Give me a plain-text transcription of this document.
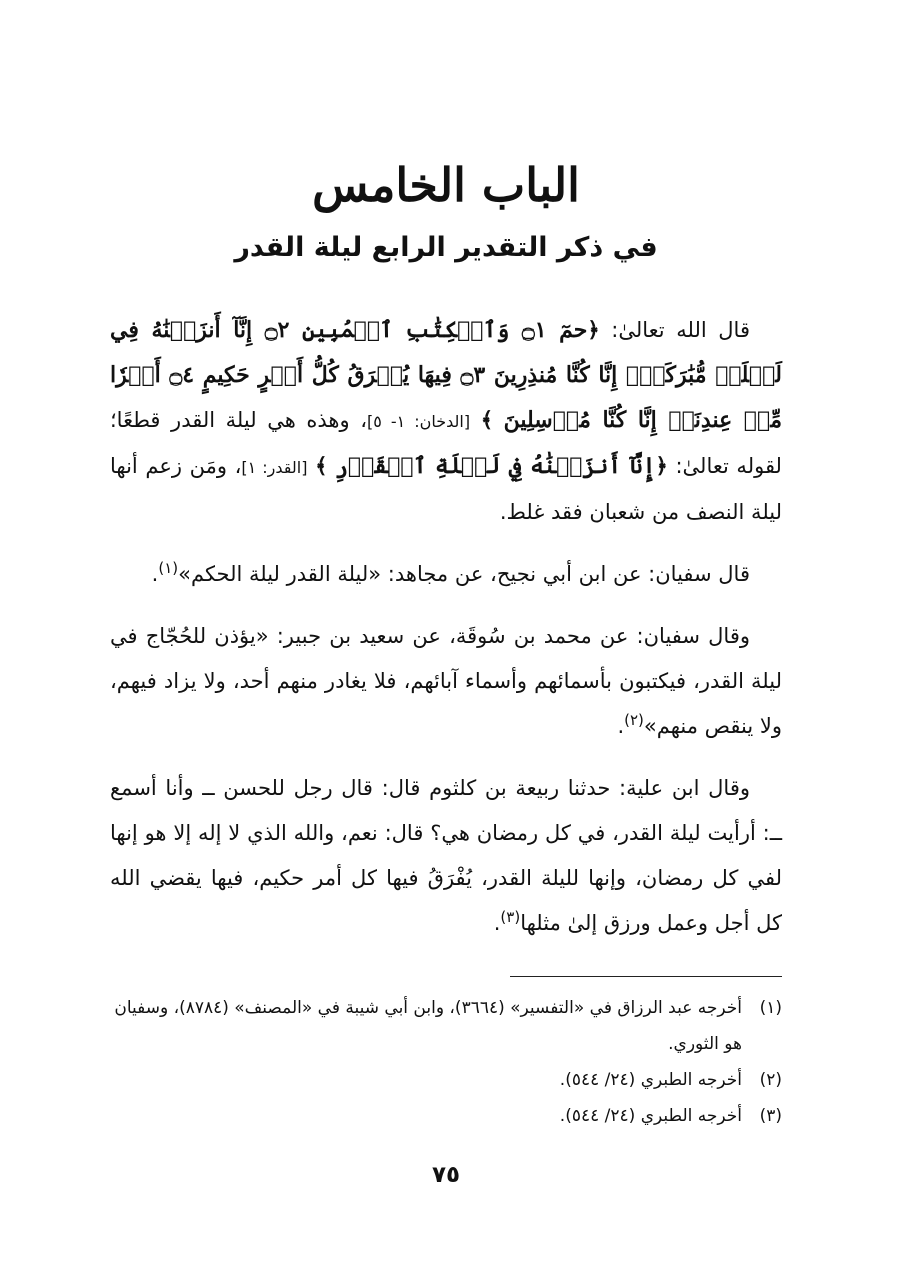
الباب الخامس
في ذكر التقدير الرابع ليلة القدر

قال الله تعالىٰ: ﴿حمٓ ۝١ وَٱلۡكِتَٰبِ ٱلۡمُبِينِ ۝٢ إِنَّآ أَنزَلۡنَٰهُ فِي لَيۡلَةٖ مُّبَٰرَكَةٍۚ إِنَّا كُنَّا مُنذِرِينَ ۝٣ فِيهَا يُفۡرَقُ كُلُّ أَمۡرٍ حَكِيمٍ ۝٤ أَمۡرٗا مِّنۡ عِندِنَآۚ إِنَّا كُنَّا مُرۡسِلِينَ ﴾ [الدخان: ١- ٥]، وهذه هي ليلة القدر قطعًا؛ لقوله تعالىٰ: ﴿إِنَّآ أَنزَلۡنَٰهُ فِي لَيۡلَةِ ٱلۡقَدۡرِ ﴾ [القدر: ١]، ومَن زعم أنها ليلة النصف من شعبان فقد غلط.

قال سفيان: عن ابن أبي نجيح، عن مجاهد: «ليلة القدر ليلة الحكم»$^{(١)}$.

وقال سفيان: عن محمد بن سُوقَة، عن سعيد بن جبير: «يؤذن للحُجّاج في ليلة القدر، فيكتبون بأسمائهم وأسماء آبائهم، فلا يغادر منهم أحد، ولا يزاد فيهم، ولا ينقص منهم»$^{(٢)}$.

وقال ابن علية: حدثنا ربيعة بن كلثوم قال: قال رجل للحسن ــ وأنا أسمع ــ: أرأيت ليلة القدر، في كل رمضان هي؟ قال: نعم، والله الذي لا إله إلا هو إنها لفي كل رمضان، وإنها لليلة القدر، يُفْرَقُ فيها كل أمر حكيم، فيها يقضي الله كل أجل وعمل ورزق إلىٰ مثلها$^{(٣)}$.

(١)
أخرجه عبد الرزاق في «التفسير» (٣٦٦٤)، وابن أبي شيبة في «المصنف» (٨٧٨٤)، وسفيان هو الثوري.
(٢)
أخرجه الطبري (٢٤/ ٥٤٤).
(٣)
أخرجه الطبري (٢٤/ ٥٤٤).
٧٥
